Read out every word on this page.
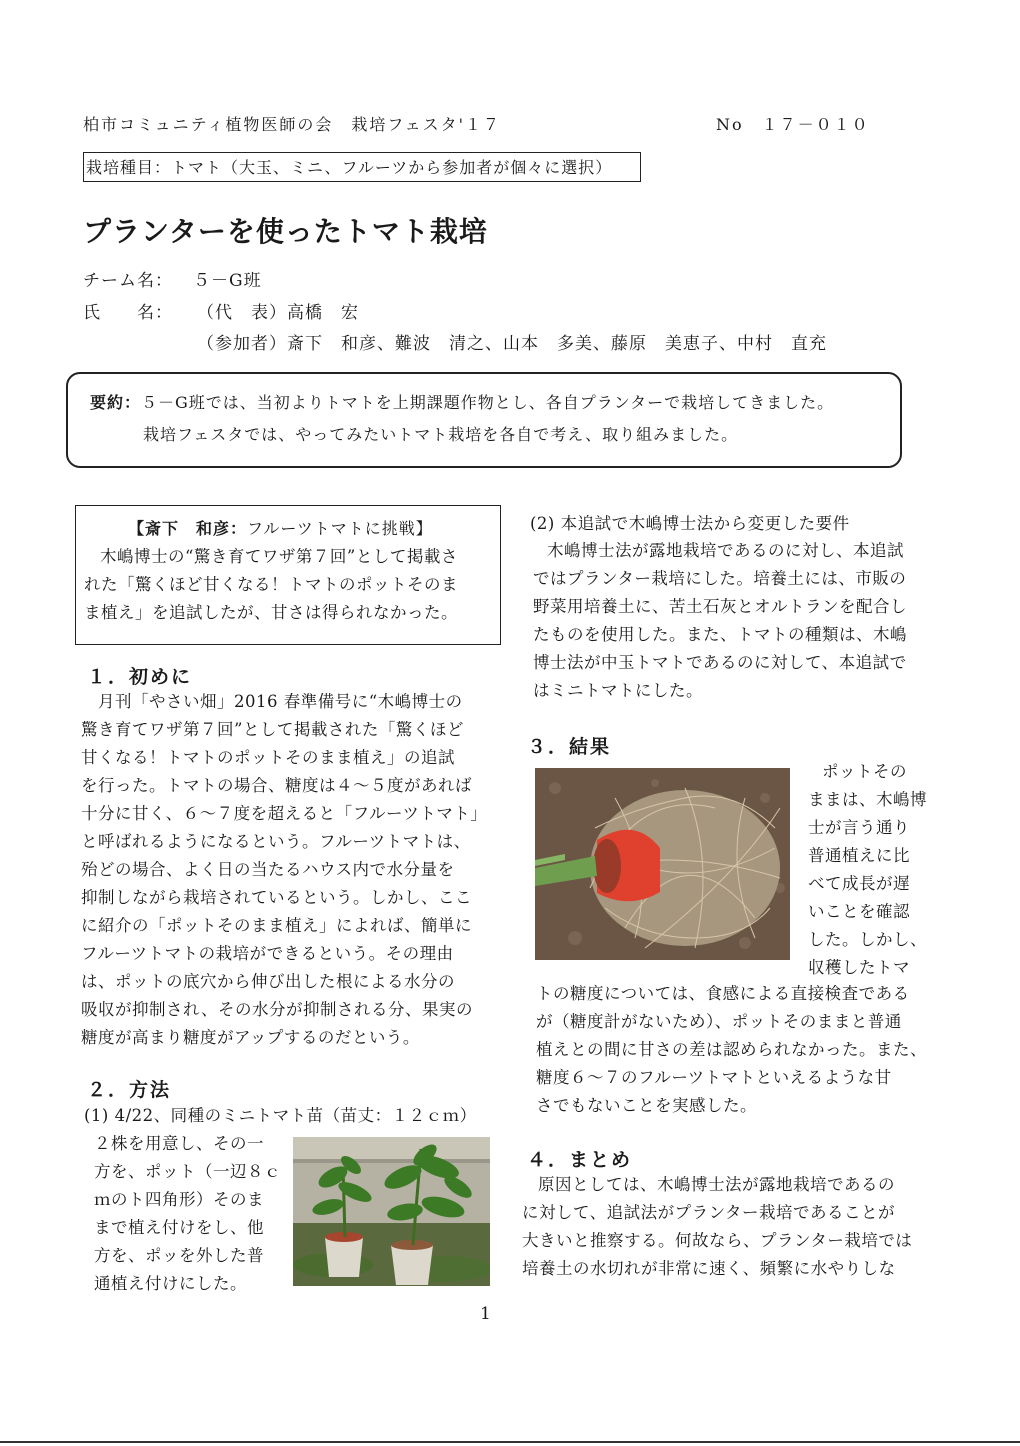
柏市コミュニティ植物医師の会　栽培フェスタ'１７	No　１７－０１０
栽培種目：トマト（大玉、ミニ、フルーツから参加者が個々に選択）
プランターを使ったトマト栽培
チーム名： ５－G班
氏　　名： （代　表）高橋　宏
（参加者）斎下　和彦、難波　清之、山本　多美、藤原　美恵子、中村　直充
要約：５－G班では、当初よりトマトを上期課題作物とし、各自プランターで栽培してきました。
栽培フェスタでは、やってみたいトマト栽培を各自で考え、取り組みました。
【斎下　和彦：フルーツトマトに挑戦】
木嶋博士の“驚き育てワザ第７回”として掲載さ
れた「驚くほど甘くなる！トマトのポットそのま
ま植え」を追試したが、甘さは得られなかった。
１．初めに
月刊「やさい畑」2016 春準備号に“木嶋博士の
驚き育てワザ第７回”として掲載された「驚くほど
甘くなる！トマトのポットそのまま植え」の追試
を行った。トマトの場合、糖度は４～５度があれば
十分に甘く、６～７度を超えると「フルーツトマト」
と呼ばれるようになるという。フルーツトマトは、
殆どの場合、よく日の当たるハウス内で水分量を
抑制しながら栽培されているという。しかし、ここ
に紹介の「ポットそのまま植え」によれば、簡単に
フルーツトマトの栽培ができるという。その理由
は、ポットの底穴から伸び出した根による水分の
吸収が抑制され、その水分が抑制される分、果実の
糖度が高まり糖度がアップするのだという。
２．方法
(1) 4/22、同種のミニトマト苗（苗丈：１２ｃｍ）
２株を用意し、その一
方を、ポット（一辺８ｃ
ｍのト四角形）そのま
まで植え付けをし、他
方を、ポッを外した普
通植え付けにした。
(2) 本追試で木嶋博士法から変更した要件
木嶋博士法が露地栽培であるのに対し、本追試
ではプランター栽培にした。培養土には、市販の
野菜用培養土に、苦土石灰とオルトランを配合し
たものを使用した。また、トマトの種類は、木嶋
博士法が中玉トマトであるのに対して、本追試で
はミニトマトにした。
３．結果
ポットその
ままは、木嶋博
士が言う通り
普通植えに比
べて成長が遅
いことを確認
した。しかし、
収穫したトマ
トの糖度については、食感による直接検査である
が（糖度計がないため）、ポットそのままと普通
植えとの間に甘さの差は認められなかった。また、
糖度６～７のフルーツトマトといえるような甘
さでもないことを実感した。
４．まとめ
原因としては、木嶋博士法が露地栽培であるの
に対して、追試法がプランター栽培であることが
大きいと推察する。何故なら、プランター栽培では
培養土の水切れが非常に速く、頻繁に水やりしな
1
